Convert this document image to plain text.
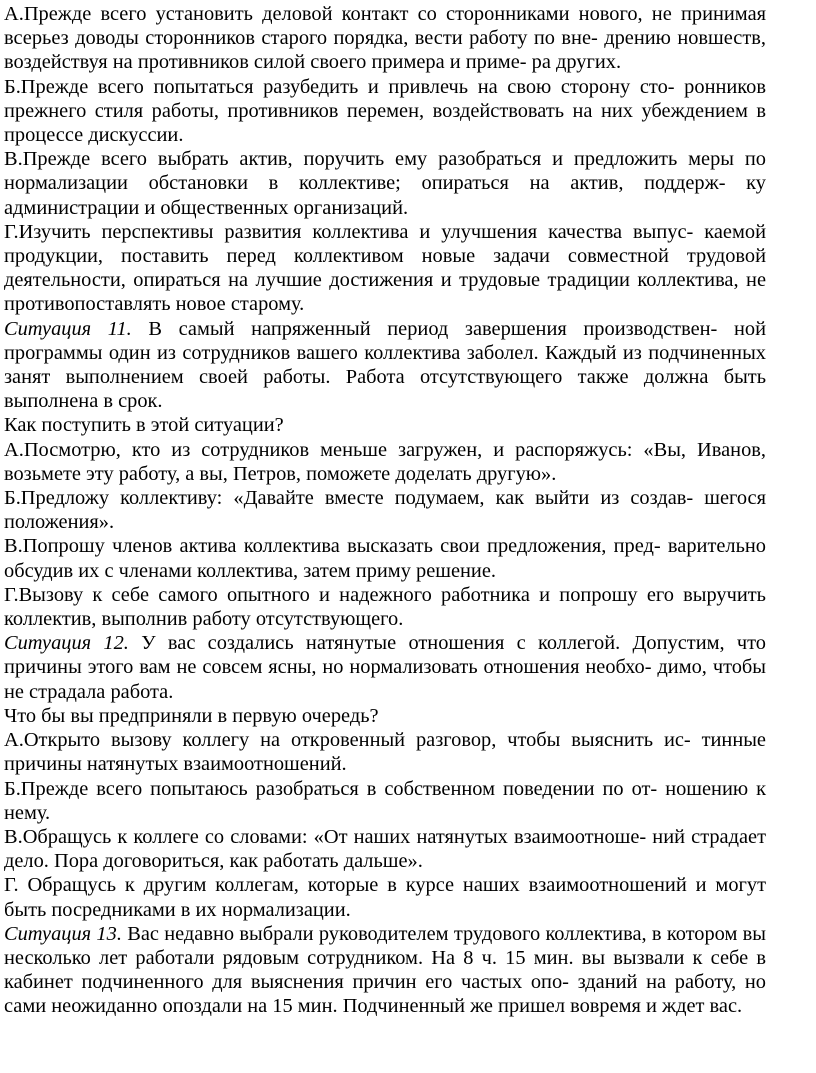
А.Прежде всего установить деловой контакт со сторонниками нового, не принимая всерьез доводы сторонников старого порядка, вести работу по вне- дрению новшеств, воздействуя на противников силой своего примера и приме- ра других.

Б.Прежде всего попытаться разубедить и привлечь на свою сторону сто- ронников прежнего стиля работы, противников перемен, воздействовать на них убеждением в процессе дискуссии.

В.Прежде всего выбрать актив, поручить ему разобраться и предложить меры по нормализации обстановки в коллективе; опираться на актив, поддерж- ку администрации и общественных организаций.

Г.Изучить перспективы развития коллектива и улучшения качества выпус- каемой продукции, поставить перед коллективом новые задачи совместной трудовой деятельности, опираться на лучшие достижения и трудовые традиции коллектива, не противопоставлять новое старому.

Ситуация 11. В самый напряженный период завершения производствен- ной программы один из сотрудников вашего коллектива заболел. Каждый из подчиненных занят выполнением своей работы. Работа отсутствующего также должна быть выполнена в срок.

Как поступить в этой ситуации?

А.Посмотрю, кто из сотрудников меньше загружен, и распоряжусь: «Вы, Иванов, возьмете эту работу, а вы, Петров, поможете доделать другую».

Б.Предложу коллективу: «Давайте вместе подумаем, как выйти из создав- шегося положения».

В.Попрошу членов актива коллектива высказать свои предложения, пред- варительно обсудив их с членами коллектива, затем приму решение.

Г.Вызову к себе самого опытного и надежного работника и попрошу его выручить коллектив, выполнив работу отсутствующего.

Ситуация 12. У вас создались натянутые отношения с коллегой. Допустим, что причины этого вам не совсем ясны, но нормализовать отношения необхо- димо, чтобы не страдала работа.

Что бы вы предприняли в первую очередь?

А.Открыто вызову коллегу на откровенный разговор, чтобы выяснить ис- тинные причины натянутых взаимоотношений.

Б.Прежде всего попытаюсь разобраться в собственном поведении по от- ношению к нему.

В.Обращусь к коллеге со словами: «От наших натянутых взаимоотноше- ний страдает дело. Пора договориться, как работать дальше».

Г. Обращусь к другим коллегам, которые в курсе наших взаимоотношений и могут быть посредниками в их нормализации.

Ситуация 13. Вас недавно выбрали руководителем трудового коллектива, в котором вы несколько лет работали рядовым сотрудником. На 8 ч. 15 мин. вы вызвали к себе в кабинет подчиненного для выяснения причин его частых опо- зданий на работу, но сами неожиданно опоздали на 15 мин. Подчиненный же пришел вовремя и ждет вас.
